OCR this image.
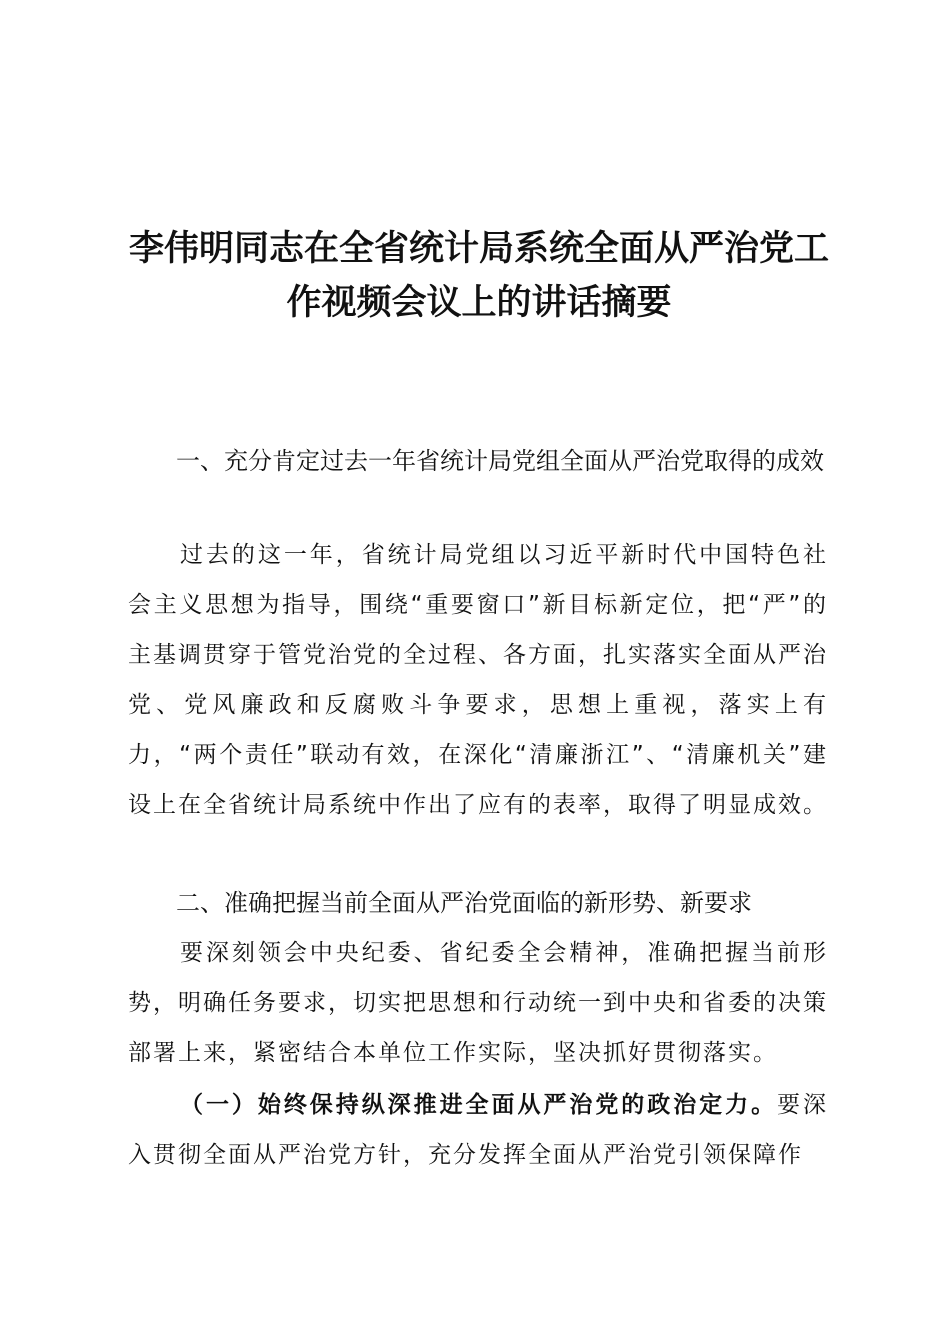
李伟明同志在全省统计局系统全面从严治党工作视频会议上的讲话摘要

一、充分肯定过去一年省统计局党组全面从严治党取得的成效

过去的这一年，省统计局党组以习近平新时代中国特色社会主义思想为指导，围绕“重要窗口”新目标新定位，把“严”的主基调贯穿于管党治党的全过程、各方面，扎实落实全面从严治党、党风廉政和反腐败斗争要求，思想上重视，落实上有力，“两个责任”联动有效，在深化“清廉浙江”、“清廉机关”建设上在全省统计局系统中作出了应有的表率，取得了明显成效。

二、准确把握当前全面从严治党面临的新形势、新要求

要深刻领会中央纪委、省纪委全会精神，准确把握当前形势，明确任务要求，切实把思想和行动统一到中央和省委的决策部署上来，紧密结合本单位工作实际，坚决抓好贯彻落实。

（一）始终保持纵深推进全面从严治党的政治定力。要深入贯彻全面从严治党方针，充分发挥全面从严治党引领保障作
